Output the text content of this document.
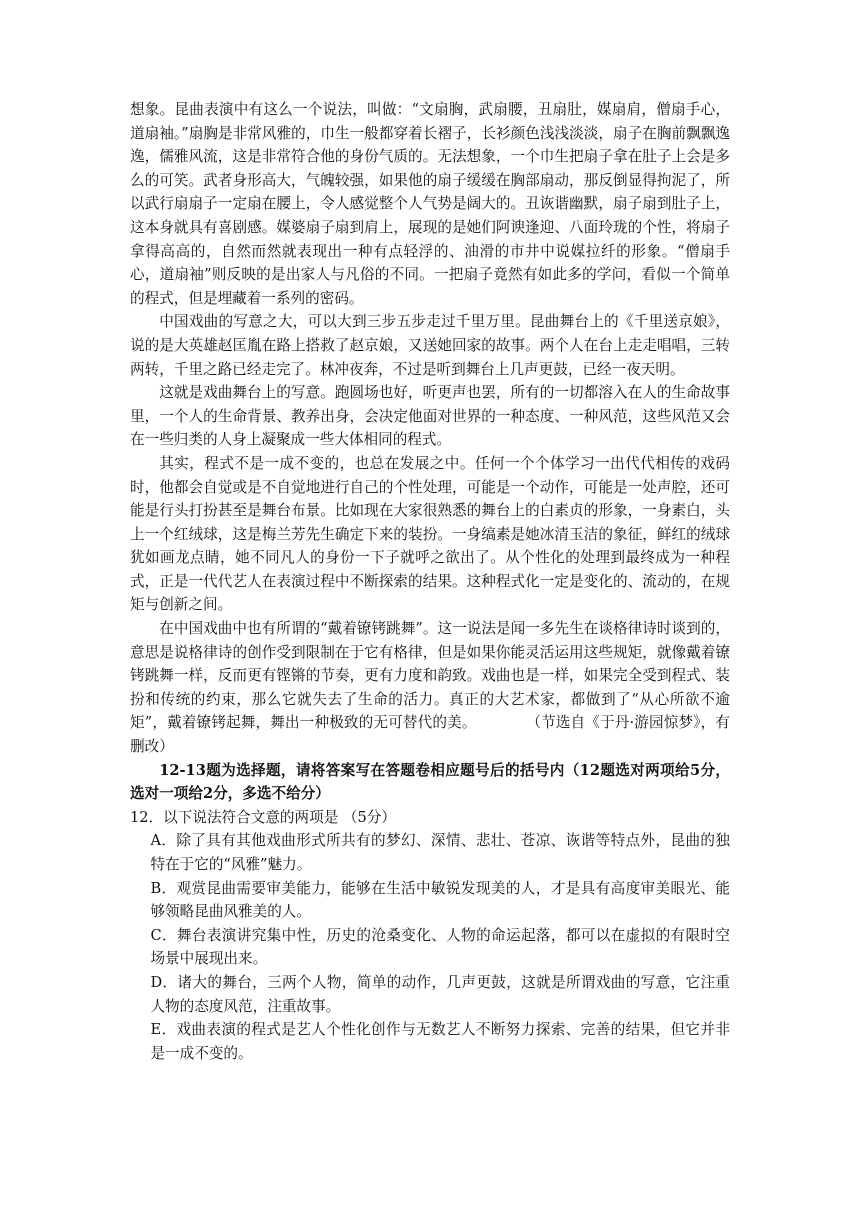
想象。昆曲表演中有这么一个说法，叫做：“文扇胸，武扇腰，丑扇肚，媒扇肩，僧扇手心，道扇袖。”扇胸是非常风雅的，巾生一般都穿着长褶子，长衫颜色浅浅淡淡，扇子在胸前飘飘逸逸，儒雅风流，这是非常符合他的身份气质的。无法想象，一个巾生把扇子拿在肚子上会是多么的可笑。武者身形高大，气魄较强，如果他的扇子缓缓在胸部扇动，那反倒显得拘泥了，所以武行扇扇子一定扇在腰上，令人感觉整个人气势是阔大的。丑诙谐幽默，扇子扇到肚子上，这本身就具有喜剧感。媒婆扇子扇到肩上，展现的是她们阿谀逢迎、八面玲珑的个性，将扇子拿得高高的，自然而然就表现出一种有点轻浮的、油滑的市井中说媒拉纤的形象。“僧扇手心，道扇袖”则反映的是出家人与凡俗的不同。一把扇子竟然有如此多的学问，看似一个简单的程式，但是埋藏着一系列的密码。

中国戏曲的写意之大，可以大到三步五步走过千里万里。昆曲舞台上的《千里送京娘》，说的是大英雄赵匡胤在路上搭救了赵京娘，又送她回家的故事。两个人在台上走走唱唱，三转两转，千里之路已经走完了。林冲夜奔，不过是听到舞台上几声更鼓，已经一夜天明。

这就是戏曲舞台上的写意。跑圆场也好，听更声也罢，所有的一切都溶入在人的生命故事里，一个人的生命背景、教养出身，会决定他面对世界的一种态度、一种风范，这些风范又会在一些归类的人身上凝聚成一些大体相同的程式。

其实，程式不是一成不变的，也总在发展之中。任何一个个体学习一出代代相传的戏码时，他都会自觉或是不自觉地进行自己的个性处理，可能是一个动作，可能是一处声腔，还可能是行头打扮甚至是舞台布景。比如现在大家很熟悉的舞台上的白素贞的形象，一身素白，头上一个红绒球，这是梅兰芳先生确定下来的装扮。一身缟素是她冰清玉洁的象征，鲜红的绒球犹如画龙点睛，她不同凡人的身份一下子就呼之欲出了。从个性化的处理到最终成为一种程式，正是一代代艺人在表演过程中不断探索的结果。这种程式化一定是变化的、流动的，在规矩与创新之间。

在中国戏曲中也有所谓的“戴着镣铐跳舞”。这一说法是闻一多先生在谈格律诗时谈到的，意思是说格律诗的创作受到限制在于它有格律，但是如果你能灵活运用这些规矩，就像戴着镣铐跳舞一样，反而更有铿锵的节奏，更有力度和韵致。戏曲也是一样，如果完全受到程式、装扮和传统的约束，那么它就失去了生命的活力。真正的大艺术家，都做到了“从心所欲不逾矩”，戴着镣铐起舞，舞出一种极致的无可替代的美。	（节选自《于丹·游园惊梦》，有删改）

12-13题为选择题，请将答案写在答题卷相应题号后的括号内（12题选对两项给5分，选对一项给2分，多选不给分）

12．以下说法符合文意的两项是 （5分）

A．除了具有其他戏曲形式所共有的梦幻、深情、悲壮、苍凉、诙谐等特点外，昆曲的独特在于它的“风雅”魅力。

B．观赏昆曲需要审美能力，能够在生活中敏锐发现美的人，才是具有高度审美眼光、能够领略昆曲风雅美的人。

C．舞台表演讲究集中性，历史的沧桑变化、人物的命运起落，都可以在虚拟的有限时空场景中展现出来。

D．诸大的舞台，三两个人物，简单的动作，几声更鼓，这就是所谓戏曲的写意，它注重人物的态度风范，注重故事。

E．戏曲表演的程式是艺人个性化创作与无数艺人不断努力探索、完善的结果，但它并非是一成不变的。
